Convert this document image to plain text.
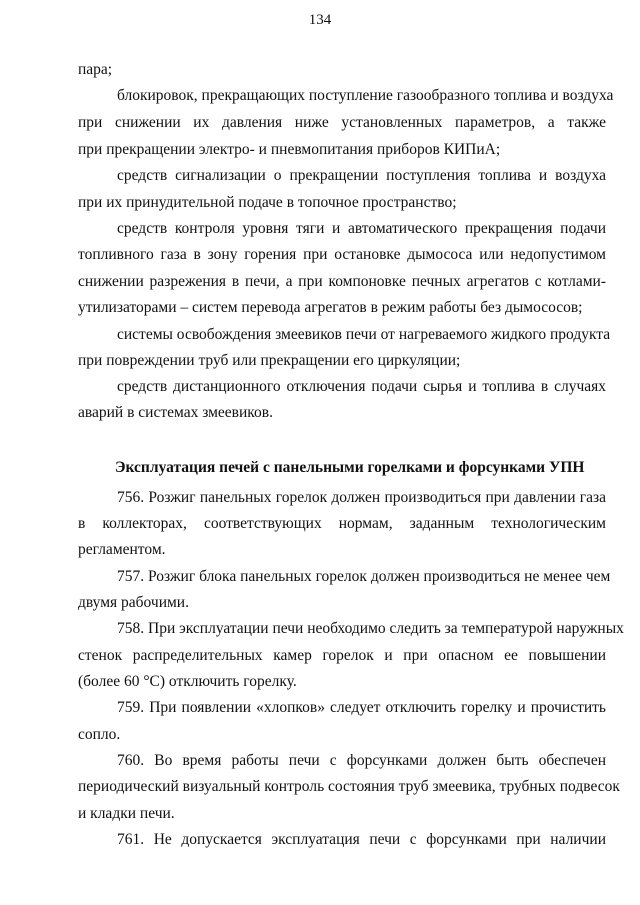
134
пара;
блокировок, прекращающих поступление газообразного топлива и воздуха
при снижении их давления ниже установленных параметров, а также
при прекращении электро- и пневмопитания приборов КИПиА;
средств сигнализации о прекращении поступления топлива и воздуха
при их принудительной подаче в топочное пространство;
средств контроля уровня тяги и автоматического прекращения подачи
топливного газа в зону горения при остановке дымососа или недопустимом
снижении разрежения в печи, а при компоновке печных агрегатов с котлами-
утилизаторами – систем перевода агрегатов в режим работы без дымососов;
системы освобождения змеевиков печи от нагреваемого жидкого продукта
при повреждении труб или прекращении его циркуляции;
средств дистанционного отключения подачи сырья и топлива в случаях
аварий в системах змеевиков.
Эксплуатация печей с панельными горелками и форсунками УПН
756. Розжиг панельных горелок должен производиться при давлении газа
в коллекторах, соответствующих нормам, заданным технологическим
регламентом.
757. Розжиг блока панельных горелок должен производиться не менее чем
двумя рабочими.
758. При эксплуатации печи необходимо следить за температурой наружных
стенок распределительных камер горелок и при опасном ее повышении
(более 60 °C) отключить горелку.
759. При появлении «хлопков» следует отключить горелку и прочистить
сопло.
760. Во время работы печи с форсунками должен быть обеспечен
периодический визуальный контроль состояния труб змеевика, трубных подвесок
и кладки печи.
761. Не допускается эксплуатация печи с форсунками при наличии
